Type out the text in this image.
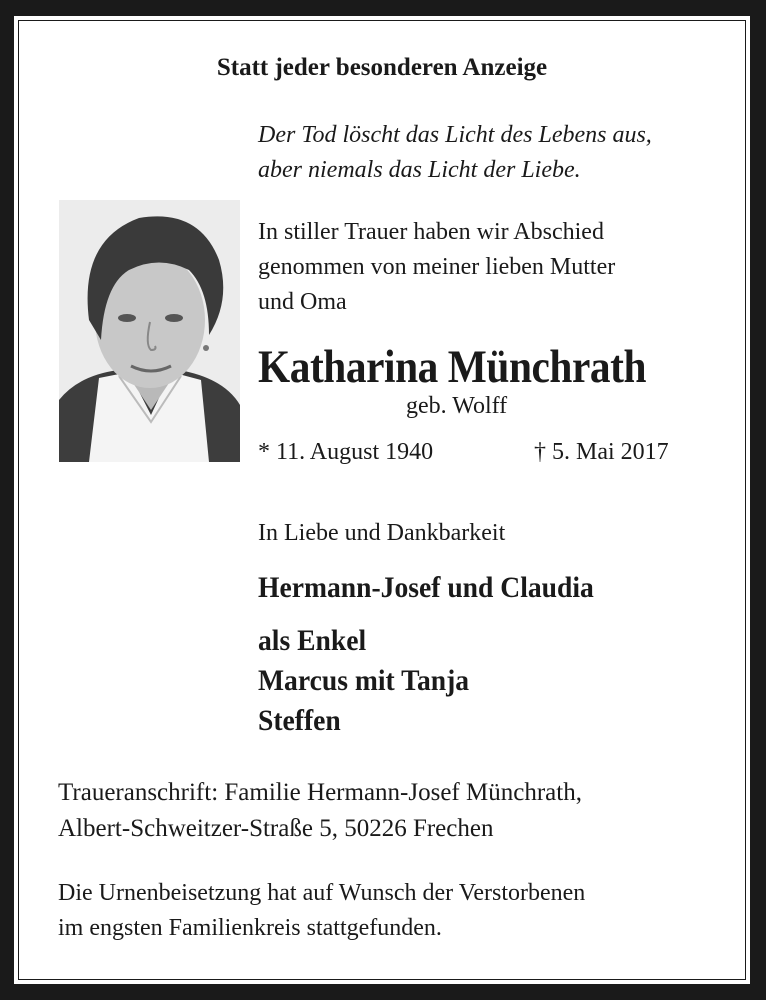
Statt jeder besonderen Anzeige
Der Tod löscht das Licht des Lebens aus,
aber niemals das Licht der Liebe.
In stiller Trauer haben wir Abschied
genommen von meiner lieben Mutter
und Oma
Katharina Münchrath
geb. Wolff
* 11. August 1940	† 5. Mai 2017
In Liebe und Dankbarkeit
Hermann-Josef und Claudia
als Enkel
Marcus mit Tanja
Steffen
Traueranschrift: Familie Hermann-Josef Münchrath,
Albert-Schweitzer-Straße 5, 50226 Frechen
Die Urnenbeisetzung hat auf Wunsch der Verstorbenen
im engsten Familienkreis stattgefunden.
